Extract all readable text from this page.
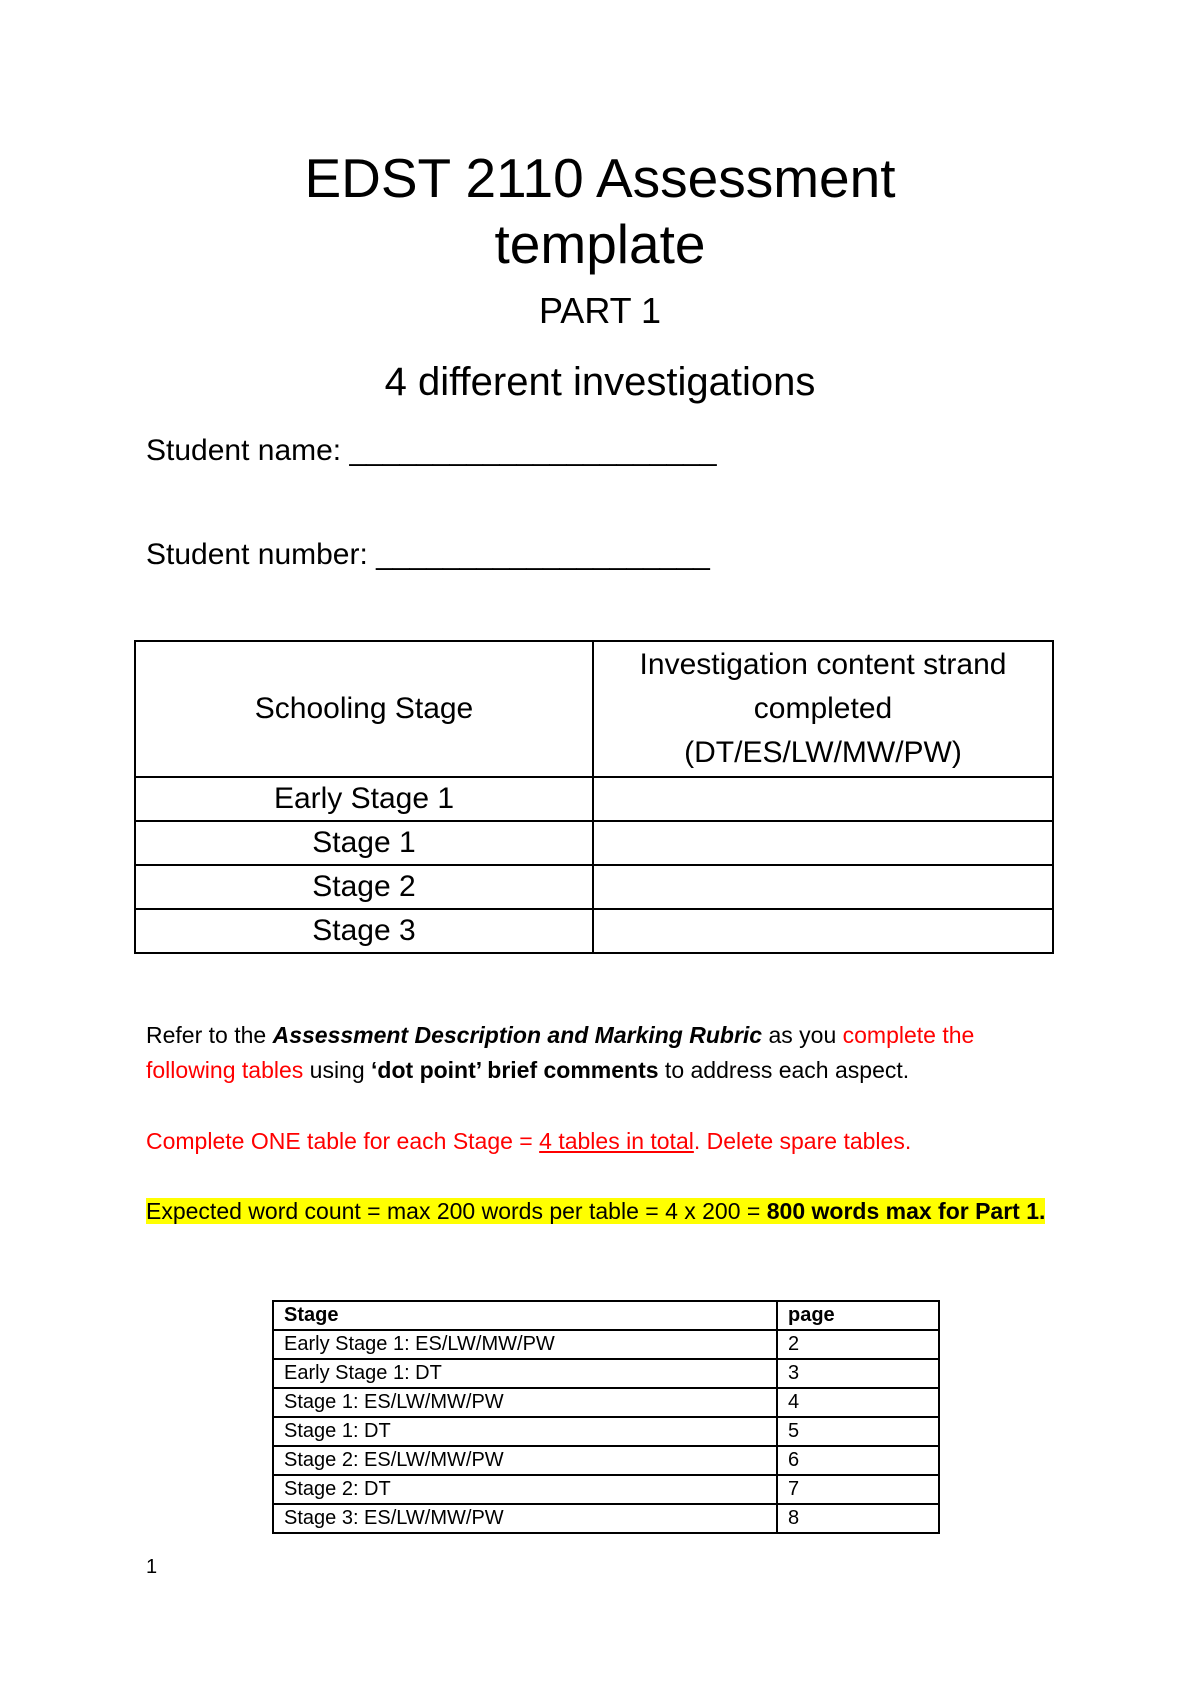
EDST 2110 Assessment
template
PART 1
4 different investigations
Student name: ______________________
Student number: ____________________
Schooling Stage	Investigation content strand
completed
(DT/ES/LW/MW/PW)

Early Stage 1	
Stage 1	
Stage 2	
Stage 3	
Refer to the Assessment Description and Marking Rubric as you complete the following tables using ‘dot point’ brief comments to address each aspect.
Complete ONE table for each Stage = 4 tables in total. Delete spare tables.
Expected word count = max 200 words per table = 4 x 200 = 800 words max for Part 1.
Stage	page
Early Stage 1: ES/LW/MW/PW	2
Early Stage 1: DT	3
Stage 1: ES/LW/MW/PW	4
Stage 1: DT	5
Stage 2: ES/LW/MW/PW	6
Stage 2: DT	7
Stage 3: ES/LW/MW/PW	8
1
